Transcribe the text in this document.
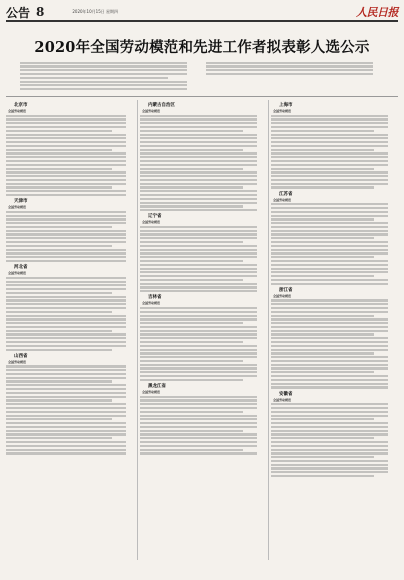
公告 8	2020年10月15日 星期四	人民日报
2020年全国劳动模范和先进工作者拟表彰人选公示
北京市
全国劳动模范
天津市
全国劳动模范
河北省
全国劳动模范
山西省
全国劳动模范
内蒙古自治区
全国劳动模范
辽宁省
全国劳动模范
吉林省
全国劳动模范
黑龙江省
全国劳动模范
上海市
全国劳动模范
江苏省
全国劳动模范
浙江省
全国劳动模范
安徽省
全国劳动模范
